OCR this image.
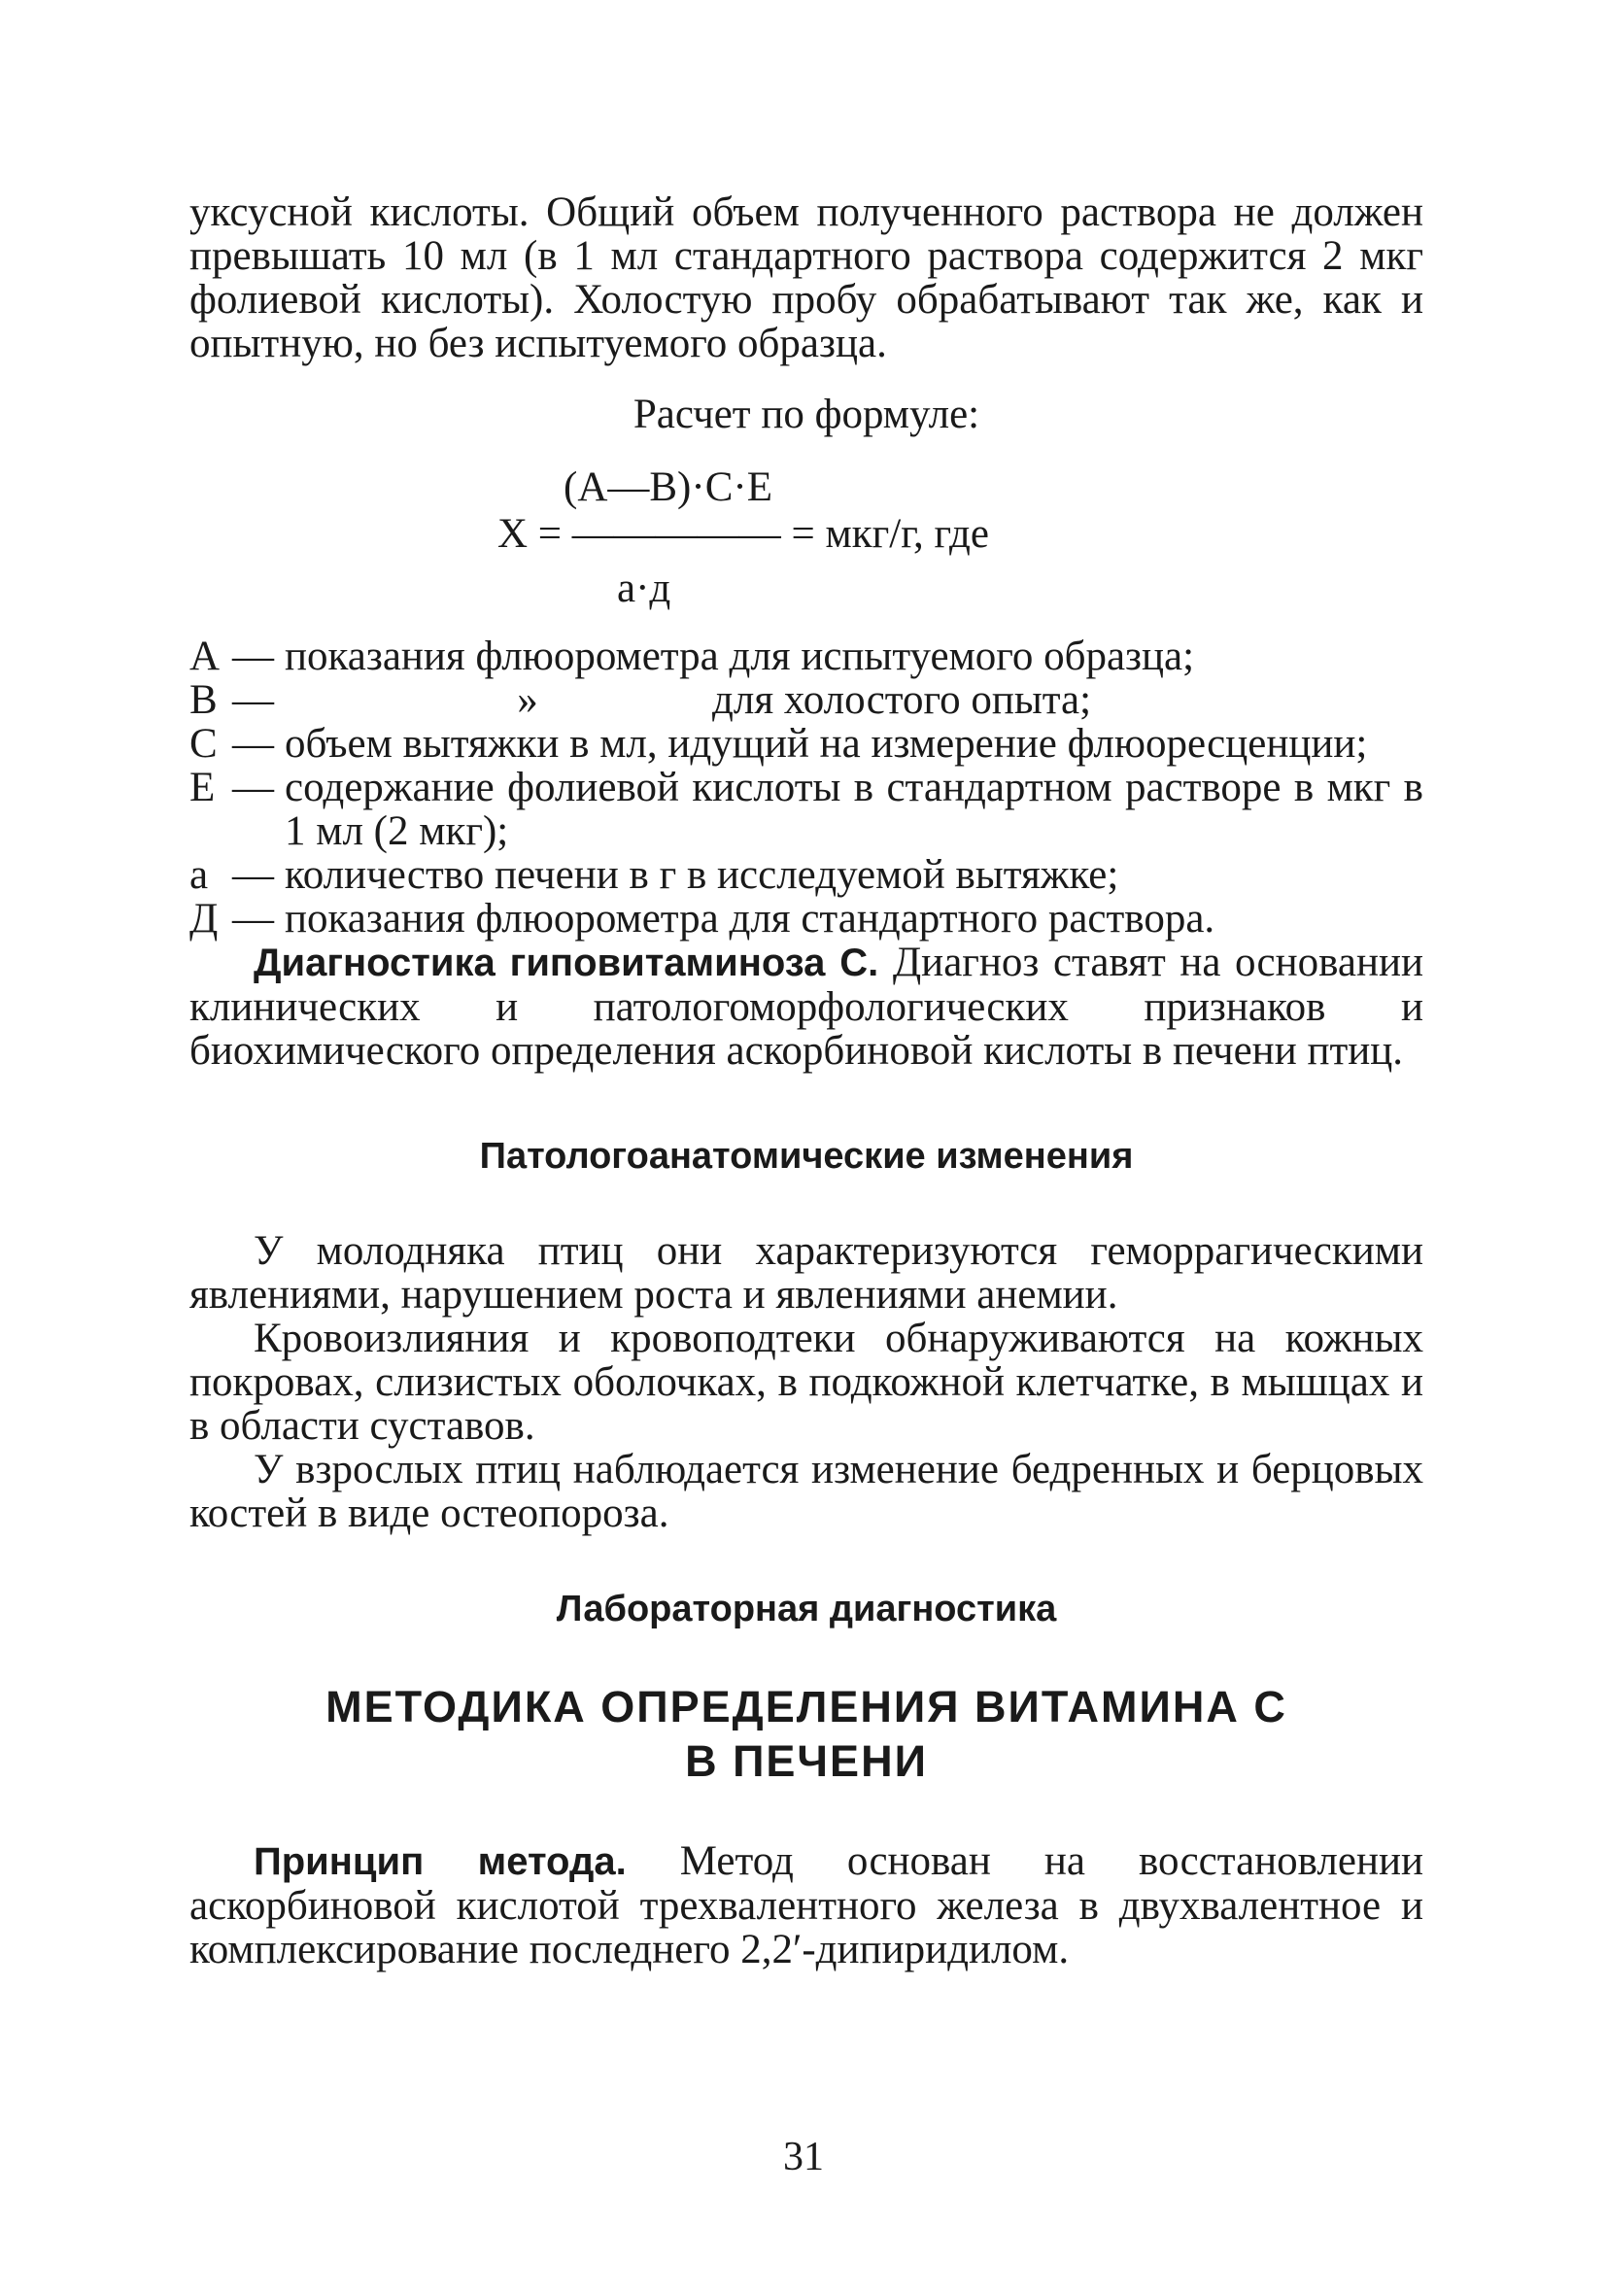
уксусной кислоты. Общий объем полученного раствора не должен превышать 10 мл (в 1 мл стандартного раствора содержится 2 мкг фолиевой кислоты). Холостую пробу обрабатывают так же, как и опытную, но без испытуемого образца.

Расчет по формуле:

(A—B)·C·E
X = ————— = мкг/г, где
a·д
A — показания флюорометра для испытуемого образца;
B —	»	для холостого опыта;
C — объем вытяжки в мл, идущий на измерение флюоресценции;
E — содержание фолиевой кислоты в стандартном растворе в мкг в 1 мл (2 мкг);
a — количество печени в г в исследуемой вытяжке;
Д — показания флюорометра для стандартного раствора.

Диагностика гиповитаминоза С. Диагноз ставят на основании клинических и патологоморфологических признаков и биохимического определения аскорбиновой кислоты в печени птиц.

Патологоанатомические изменения

У молодняка птиц они характеризуются геморрагическими явлениями, нарушением роста и явлениями анемии.

Кровоизлияния и кровоподтеки обнаруживаются на кожных покровах, слизистых оболочках, в подкожной клетчатке, в мышцах и в области суставов.

У взрослых птиц наблюдается изменение бедренных и берцовых костей в виде остеопороза.

Лабораторная диагностика
МЕТОДИКА ОПРЕДЕЛЕНИЯ ВИТАМИНА С
В ПЕЧЕНИ

Принцип метода. Метод основан на восстановлении аскорбиновой кислотой трехвалентного железа в двухвалентное и комплексирование последнего 2,2′-дипиридилом.

31
